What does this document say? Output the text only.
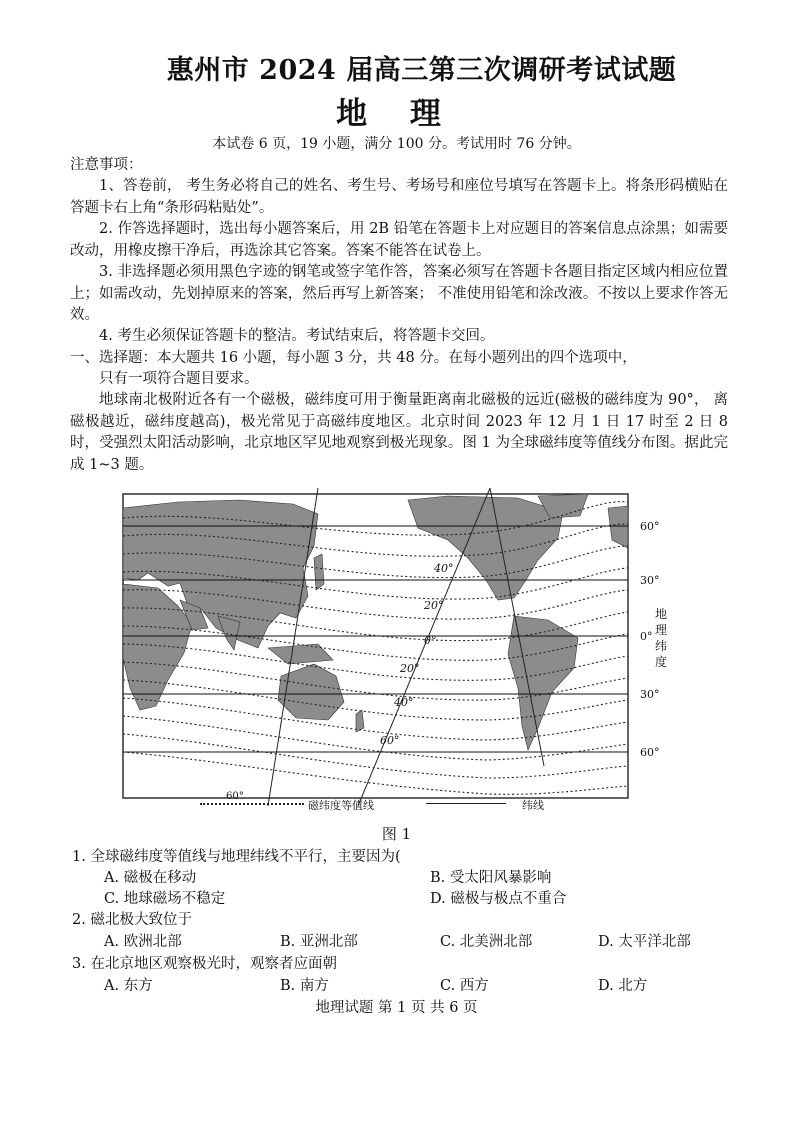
惠州市 2024 届高三第三次调研考试试题
地 理
本试卷 6 页，19 小题，满分 100 分。考试用时 76 分钟。
注意事项：
1、答卷前， 考生务必将自己的姓名、考生号、考场号和座位号填写在答题卡上。将条形码横贴在答题卡右上角“条形码粘贴处”。
2. 作答选择题时，选出每小题答案后，用 2B 铅笔在答题卡上对应题目的答案信息点涂黑；如需要改动，用橡皮擦干净后，再选涂其它答案。答案不能答在试卷上。
3. 非选择题必须用黑色字迹的钢笔或签字笔作答，答案必须写在答题卡各题目指定区域内相应位置上；如需改动，先划掉原来的答案，然后再写上新答案； 不准使用铅笔和涂改液。不按以上要求作答无效。
4. 考生必须保证答题卡的整洁。考试结束后，将答题卡交回。
一、选择题：本大题共 16 小题，每小题 3 分，共 48 分。在每小题列出的四个选项中，
只有一项符合题目要求。
地球南北极附近各有一个磁极，磁纬度可用于衡量距离南北磁极的远近(磁极的磁纬度为 90°， 离磁极越近，磁纬度越高)，极光常见于高磁纬度地区。北京时间 2023 年 12 月 1 日 17 时至 2 日 8 时，受强烈太阳活动影响，北京地区罕见地观察到极光现象。图 1 为全球磁纬度等值线分布图。据此完成 1~3 题。
40°
20°
0°
20°
40°
60°
60°
30°
0°
30°
60°
地理纬度
60°
磁纬度等值线	纬线
图 1
1. 全球磁纬度等值线与地理纬线不平行，主要因为(
A. 磁极在移动	B. 受太阳风暴影响
C. 地球磁场不稳定	D. 磁极与极点不重合
2. 磁北极大致位于
A. 欧洲北部	B. 亚洲北部	C. 北美洲北部	D. 太平洋北部
3. 在北京地区观察极光时，观察者应面朝
A. 东方	B. 南方	C. 西方	D. 北方
地理试题 第 1 页 共 6 页
